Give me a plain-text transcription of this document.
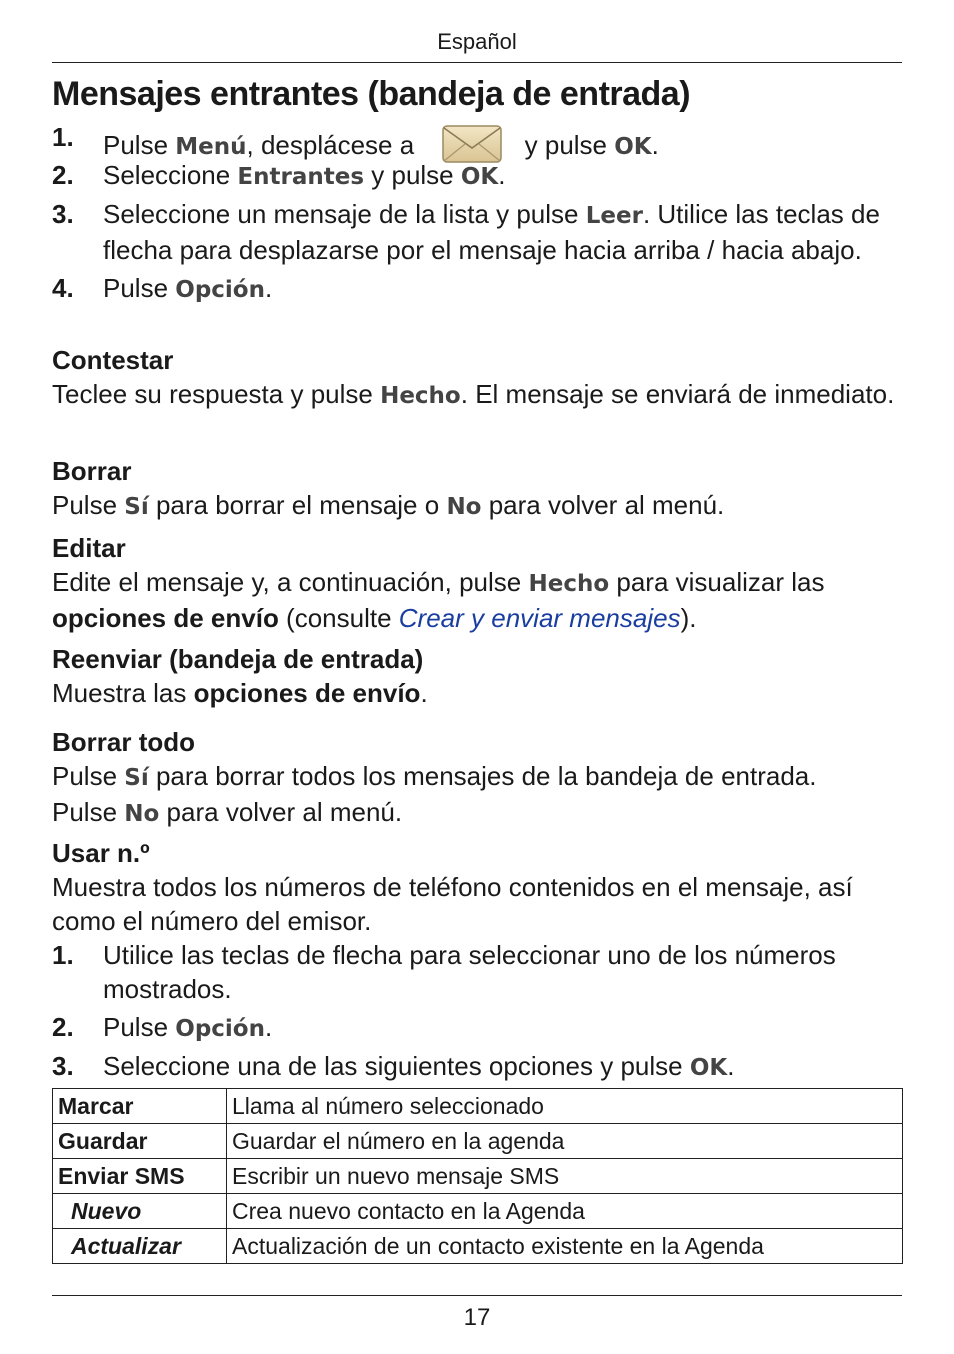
Español
Mensajes entrantes (bandeja de entrada)
1. Pulse Menú, desplácese a	y pulse OK.
2. Seleccione Entrantes y pulse OK.
3. Seleccione un mensaje de la lista y pulse Leer. Utilice las teclas de flecha para desplazarse por el mensaje hacia arriba / hacia abajo.
4. Pulse Opción.
Contestar

Teclee su respuesta y pulse Hecho. El mensaje se enviará de inmediato.

Borrar

Pulse Sí para borrar el mensaje o No para volver al menú.

Editar

Edite el mensaje y, a continuación, pulse Hecho para visualizar las opciones de envío (consulte Crear y enviar mensajes).

Reenviar (bandeja de entrada)

Muestra las opciones de envío.

Borrar todo

Pulse Sí para borrar todos los mensajes de la bandeja de entrada.

Pulse No para volver al menú.

Usar n.º

Muestra todos los números de teléfono contenidos en el mensaje, así como el número del emisor.

1. Utilice las teclas de flecha para seleccionar uno de los números mostrados.
2. Pulse Opción.
3. Seleccione una de las siguientes opciones y pulse OK.
Marcar	Llama al número seleccionado
Guardar	Guardar el número en la agenda
Enviar SMS	Escribir un nuevo mensaje SMS
Nuevo	Crea nuevo contacto en la Agenda
Actualizar	Actualización de un contacto existente en la Agenda
17
